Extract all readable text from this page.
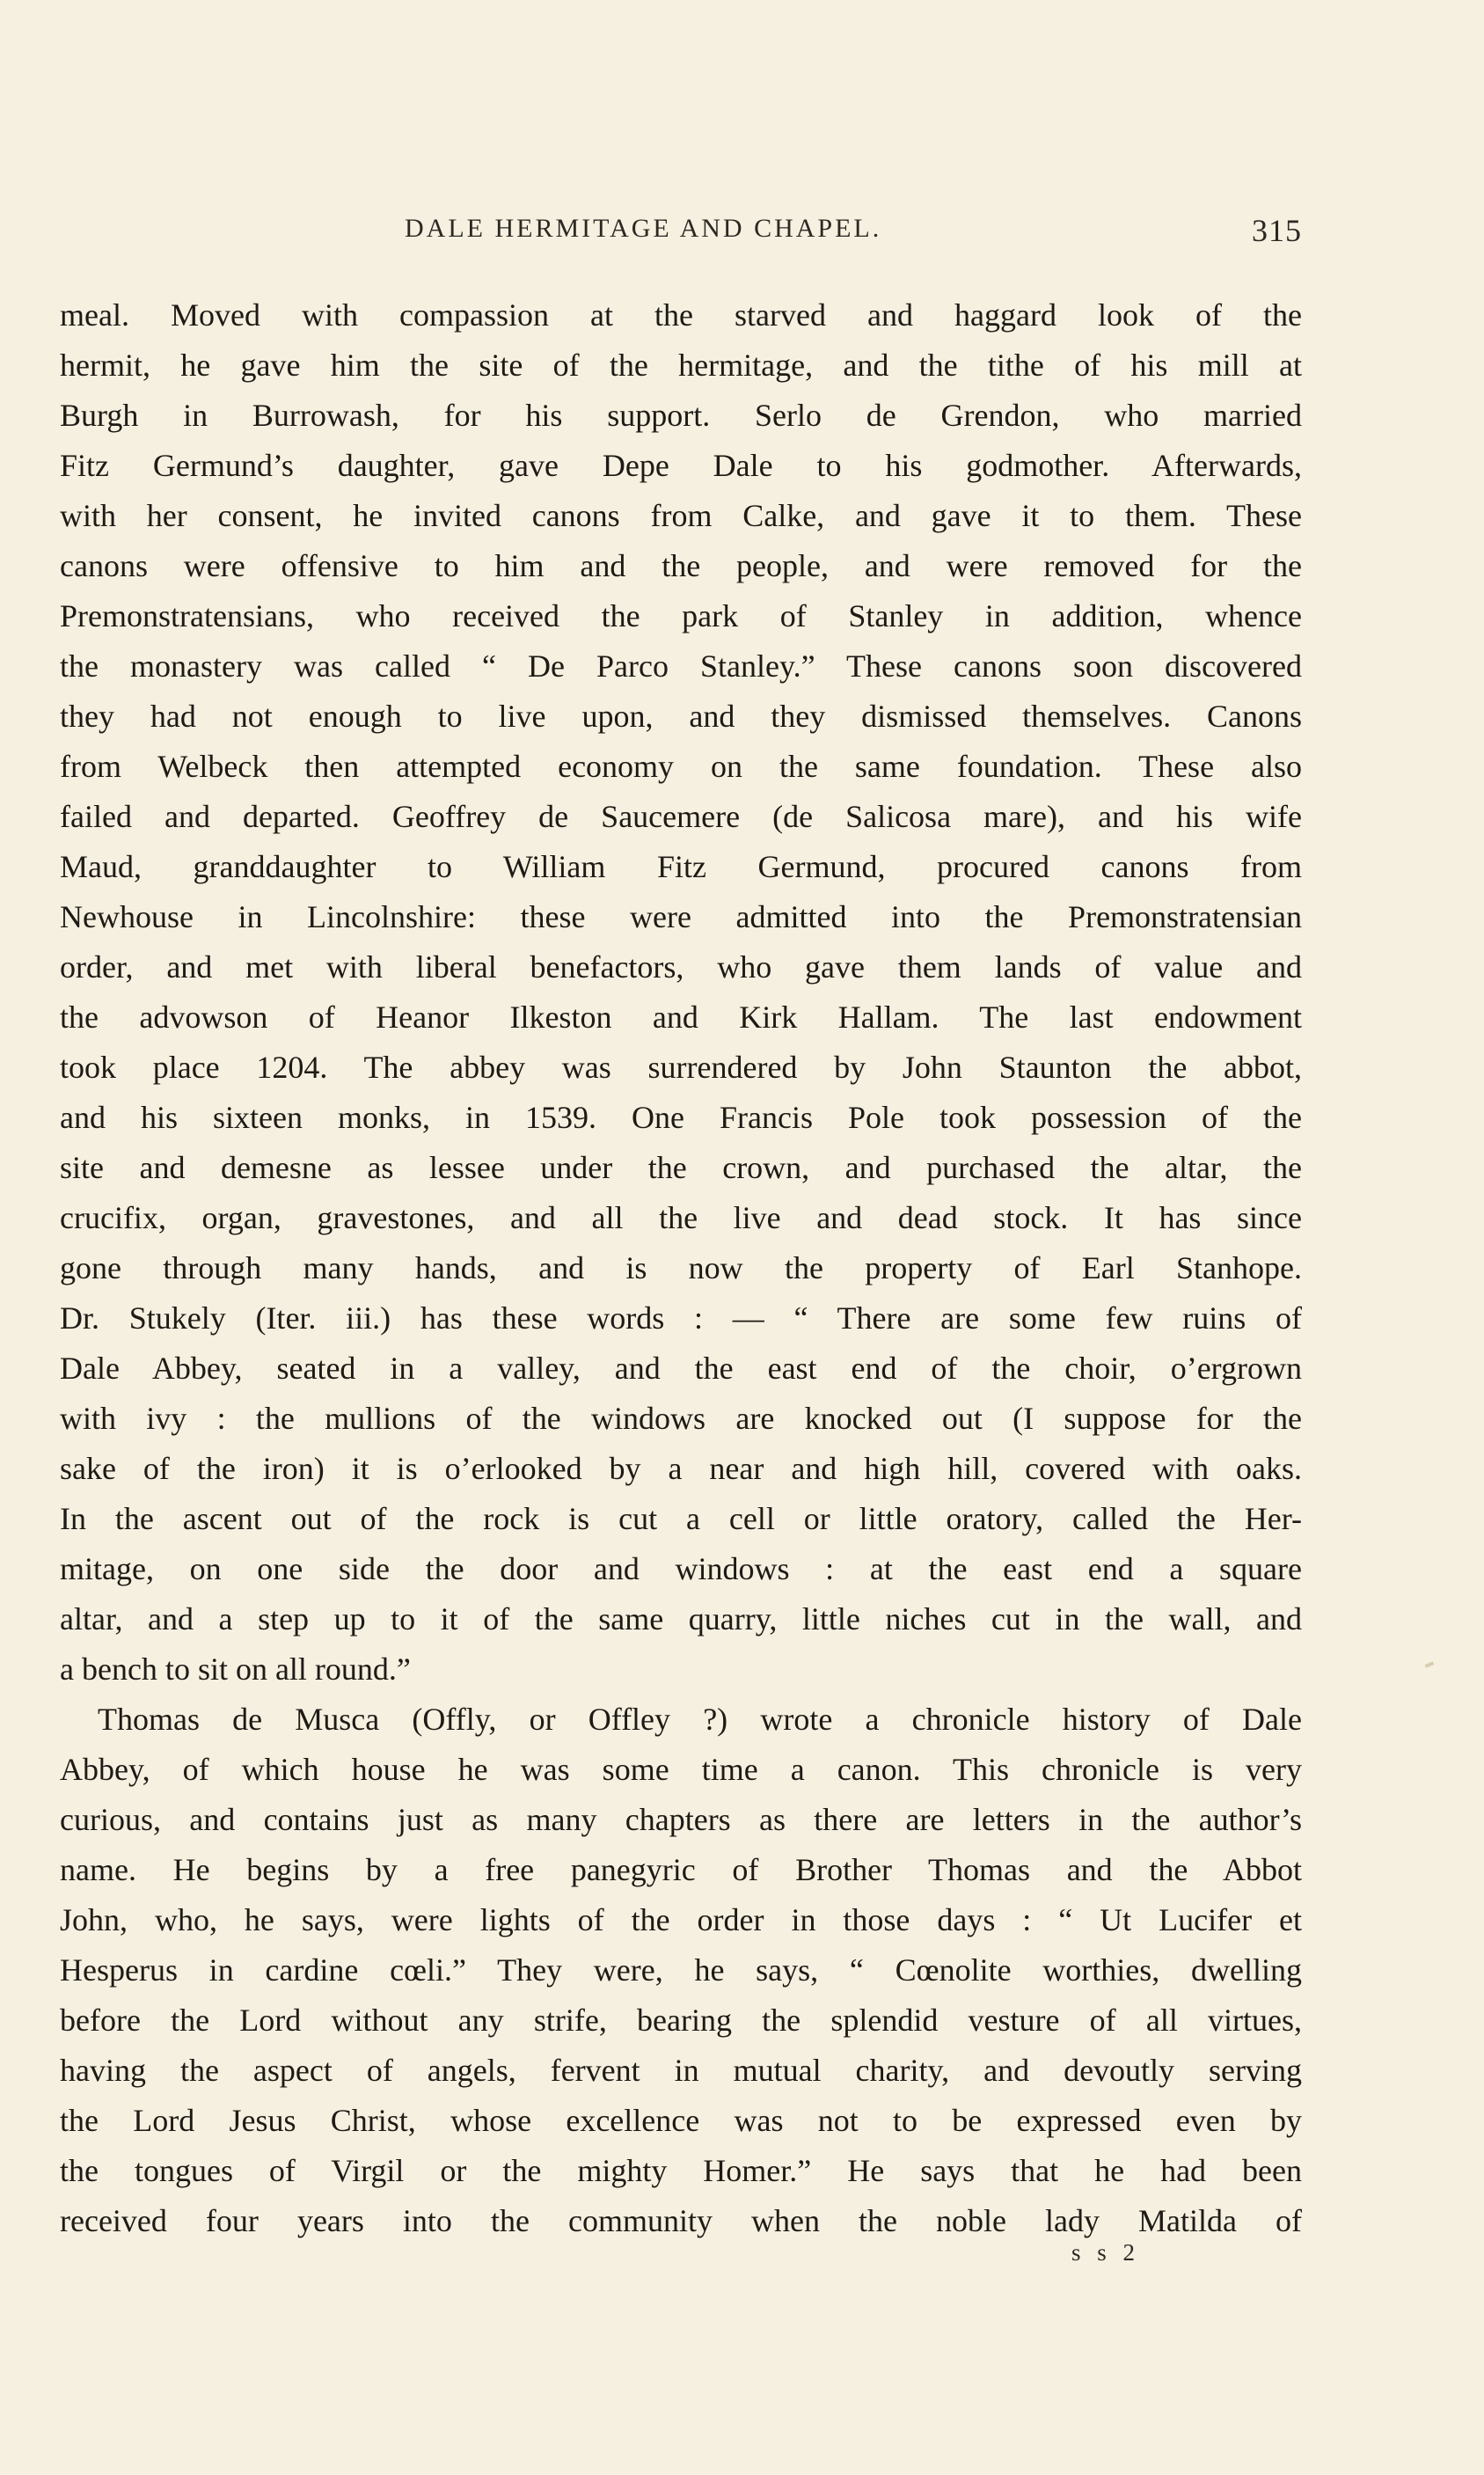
DALE HERMITAGE AND CHAPEL.	315
meal. Moved with compassion at the starved and haggard look of the
hermit, he gave him the site of the hermitage, and the tithe of his mill at
Burgh in Burrowash, for his support. Serlo de Grendon, who married
Fitz Germund’s daughter, gave Depe Dale to his godmother. Afterwards,
with her consent, he invited canons from Calke, and gave it to them. These
canons were offensive to him and the people, and were removed for the
Premonstratensians, who received the park of Stanley in addition, whence
the monastery was called “ De Parco Stanley.” These canons soon discovered
they had not enough to live upon, and they dismissed themselves. Canons
from Welbeck then attempted economy on the same foundation. These also
failed and departed. Geoffrey de Saucemere (de Salicosa mare), and his wife
Maud, granddaughter to William Fitz Germund, procured canons from
Newhouse in Lincolnshire: these were admitted into the Premonstratensian
order, and met with liberal benefactors, who gave them lands of value and
the advowson of Heanor Ilkeston and Kirk Hallam. The last endowment
took place 1204. The abbey was surrendered by John Staunton the abbot,
and his sixteen monks, in 1539. One Francis Pole took possession of the
site and demesne as lessee under the crown, and purchased the altar, the
crucifix, organ, gravestones, and all the live and dead stock. It has since
gone through many hands, and is now the property of Earl Stanhope.
Dr. Stukely (Iter. iii.) has these words : — “ There are some few ruins of
Dale Abbey, seated in a valley, and the east end of the choir, o’ergrown
with ivy : the mullions of the windows are knocked out (I suppose for the
sake of the iron) it is o’erlooked by a near and high hill, covered with oaks.
In the ascent out of the rock is cut a cell or little oratory, called the Her-
mitage, on one side the door and windows : at the east end a square
altar, and a step up to it of the same quarry, little niches cut in the wall, and
a bench to sit on all round.”
Thomas de Musca (Offly, or Offley ?) wrote a chronicle history of Dale
Abbey, of which house he was some time a canon. This chronicle is very
curious, and contains just as many chapters as there are letters in the author’s
name. He begins by a free panegyric of Brother Thomas and the Abbot
John, who, he says, were lights of the order in those days : “ Ut Lucifer et
Hesperus in cardine cœli.” They were, he says, “ Cœnolite worthies, dwelling
before the Lord without any strife, bearing the splendid vesture of all virtues,
having the aspect of angels, fervent in mutual charity, and devoutly serving
the Lord Jesus Christ, whose excellence was not to be expressed even by
the tongues of Virgil or the mighty Homer.” He says that he had been
received four years into the community when the noble lady Matilda of
s s 2
